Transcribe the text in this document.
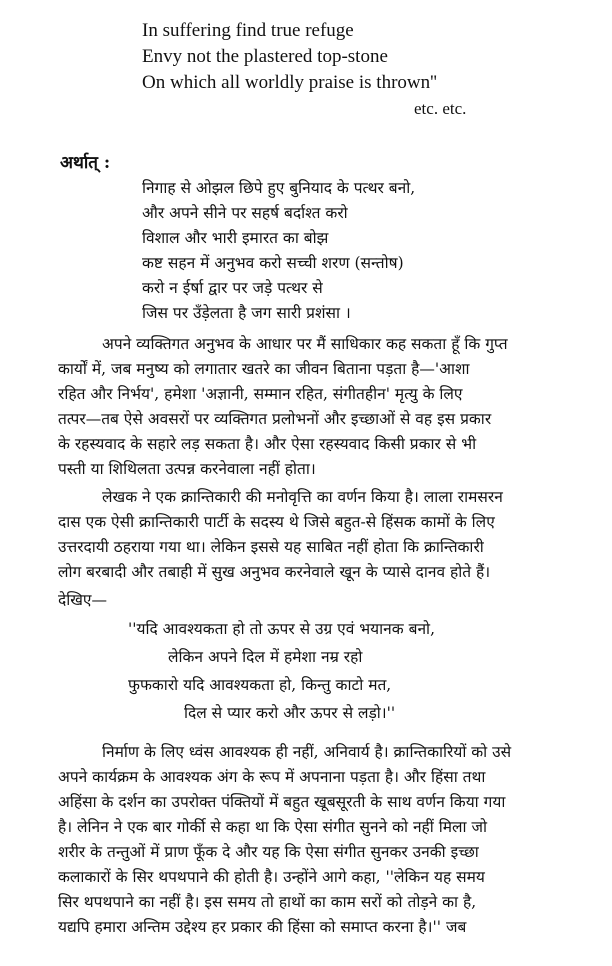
In suffering find true refuge
Envy not the plastered top-stone
On which all worldly praise is thrown''
etc. etc.
अर्थात् :
निगाह से ओझल छिपे हुए बुनियाद के पत्थर बनो,
और अपने सीने पर सहर्ष बर्दाश्त करो
विशाल और भारी इमारत का बोझ
कष्ट सहन में अनुभव करो सच्ची शरण (सन्तोष)
करो न ईर्षा द्वार पर जड़े पत्थर से
जिस पर उँड़ेलता है जग सारी प्रशंसा ।
अपने व्यक्तिगत अनुभव के आधार पर मैं साधिकार कह सकता हूँ कि गुप्त
कार्यों में, जब मनुष्य को लगातार खतरे का जीवन बिताना पड़ता है—'आशा
रहित और निर्भय', हमेशा 'अज्ञानी, सम्मान रहित, संगीतहीन' मृत्यु के लिए
तत्पर—तब ऐसे अवसरों पर व्यक्तिगत प्रलोभनों और इच्छाओं से वह इस प्रकार
के रहस्यवाद के सहारे लड़ सकता है। और ऐसा रहस्यवाद किसी प्रकार से भी
पस्ती या शिथिलता उत्पन्न करनेवाला नहीं होता।
लेखक ने एक क्रान्तिकारी की मनोवृत्ति का वर्णन किया है। लाला रामसरन
दास एक ऐसी क्रान्तिकारी पार्टी के सदस्य थे जिसे बहुत-से हिंसक कामों के लिए
उत्तरदायी ठहराया गया था। लेकिन इससे यह साबित नहीं होता कि क्रान्तिकारी
लोग बरबादी और तबाही में सुख अनुभव करनेवाले खून के प्यासे दानव होते हैं।
देखिए—
''यदि आवश्यकता हो तो ऊपर से उग्र एवं भयानक बनो,
लेकिन अपने दिल में हमेशा नम्र रहो
फुफकारो यदि आवश्यकता हो, किन्तु काटो मत,
दिल से प्यार करो और ऊपर से लड़ो।''
निर्माण के लिए ध्वंस आवश्यक ही नहीं, अनिवार्य है। क्रान्तिकारियों को उसे
अपने कार्यक्रम के आवश्यक अंग के रूप में अपनाना पड़ता है। और हिंसा तथा
अहिंसा के दर्शन का उपरोक्त पंक्तियों में बहुत खूबसूरती के साथ वर्णन किया गया
है। लेनिन ने एक बार गोर्की से कहा था कि ऐसा संगीत सुनने को नहीं मिला जो
शरीर के तन्तुओं में प्राण फूँक दे और यह कि ऐसा संगीत सुनकर उनकी इच्छा
कलाकारों के सिर थपथपाने की होती है। उन्होंने आगे कहा, ''लेकिन यह समय
सिर थपथपाने का नहीं है। इस समय तो हाथों का काम सरों को तोड़ने का है,
यद्यपि हमारा अन्तिम उद्देश्य हर प्रकार की हिंसा को समाप्त करना है।'' जब
